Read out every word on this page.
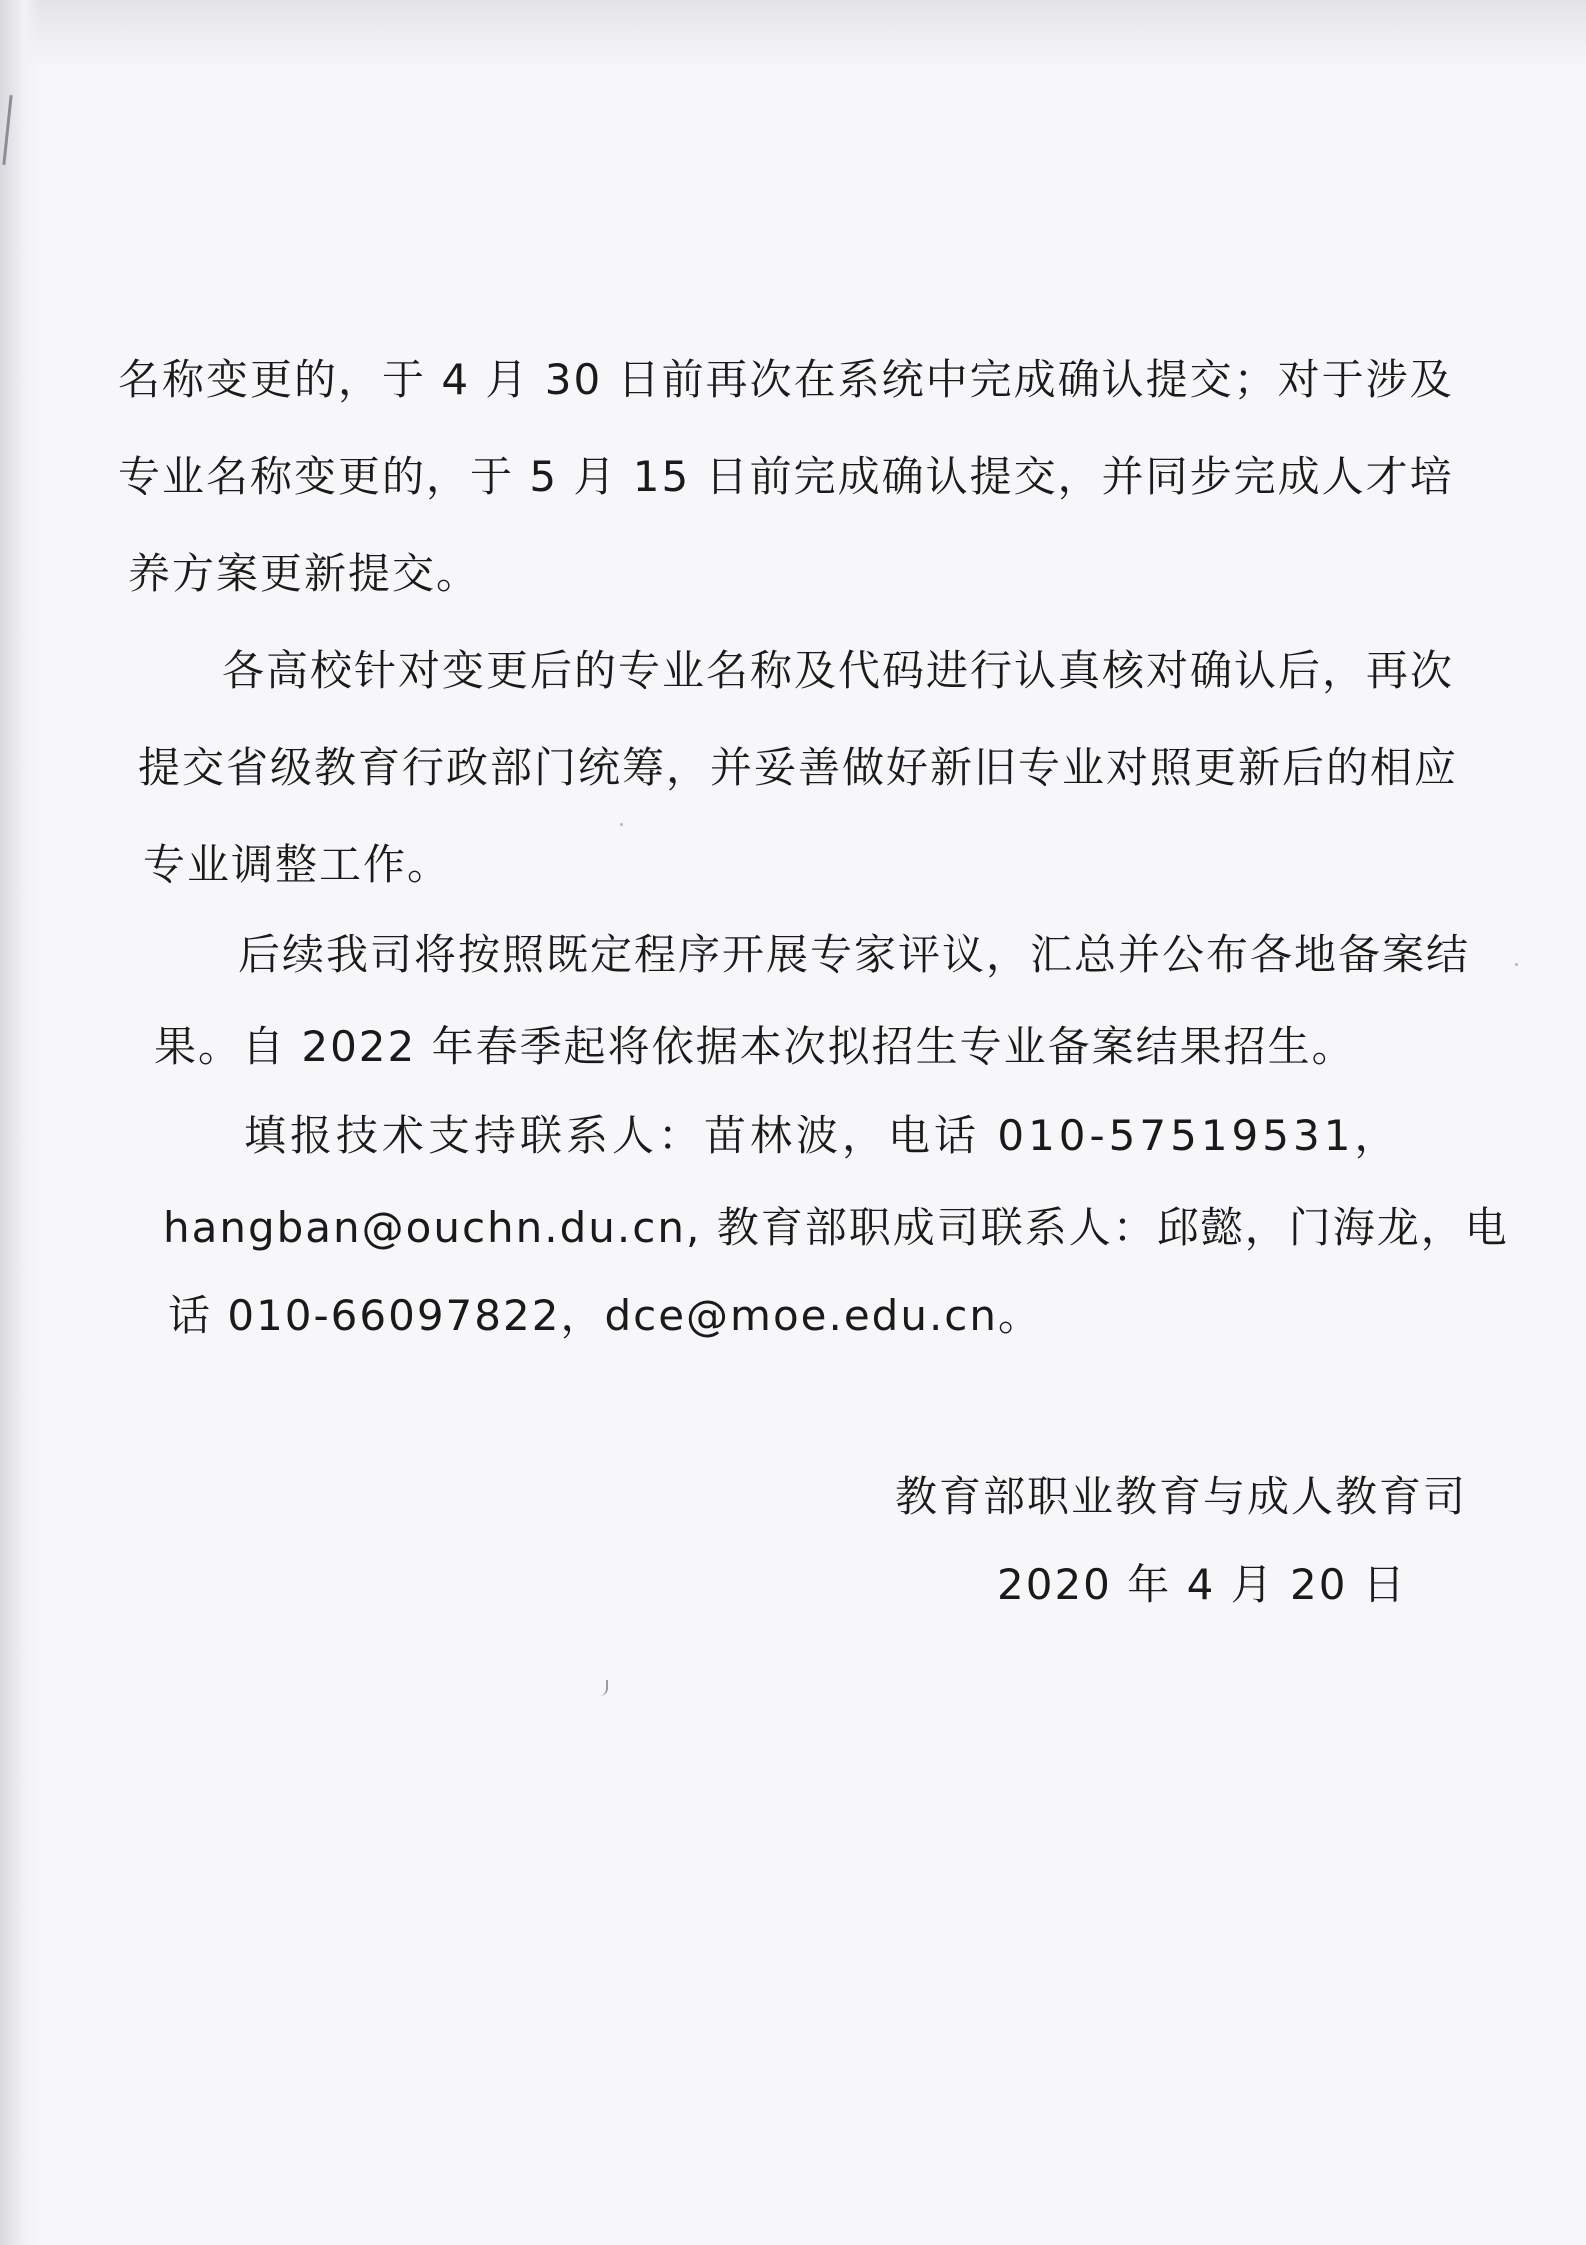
名称变更的，于 4 月 30 日前再次在系统中完成确认提交；对于涉及
专业名称变更的，于 5 月 15 日前完成确认提交，并同步完成人才培
养方案更新提交。
各高校针对变更后的专业名称及代码进行认真核对确认后，再次
提交省级教育行政部门统筹，并妥善做好新旧专业对照更新后的相应
专业调整工作。
后续我司将按照既定程序开展专家评议，汇总并公布各地备案结
果。自 2022 年春季起将依据本次拟招生专业备案结果招生。
填报技术支持联系人：苗林波，电话 010-57519531，
hangban@ouchn.du.cn, 教育部职成司联系人：邱懿，门海龙，电
话 010-66097822，dce@moe.edu.cn。
教育部职业教育与成人教育司
2020 年 4 月 20 日
